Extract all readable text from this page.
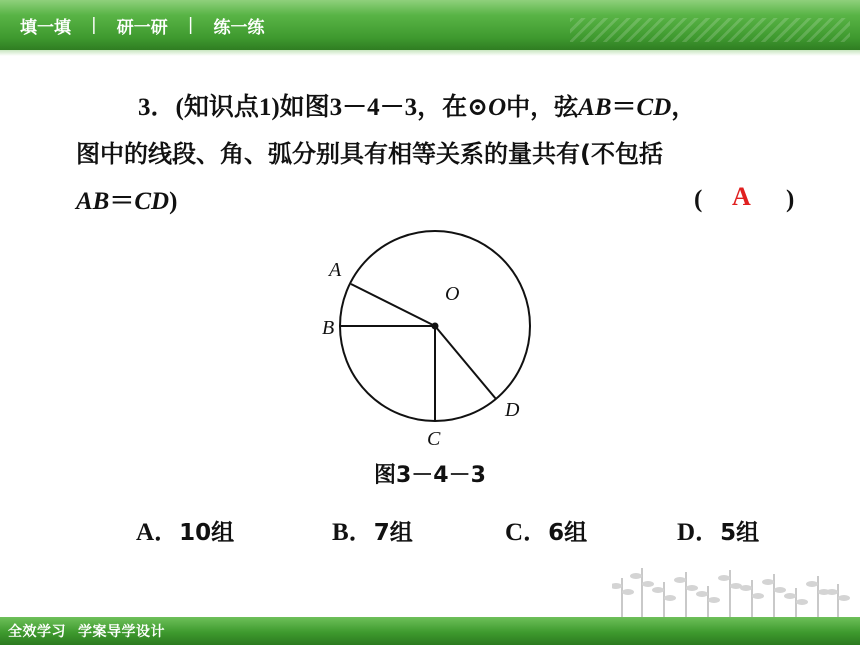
填一填	|	研一研	|	练一练
3．(知识点1)如图3－4－3，在⊙O中，弦AB＝CD，
图中的线段、角、弧分别具有相等关系的量共有(不包括
AB＝CD)	( A )
A
B
O
C
D
图3－4－3
A．10组	B．7组	C．6组	D．5组
全效学习 学案导学设计
